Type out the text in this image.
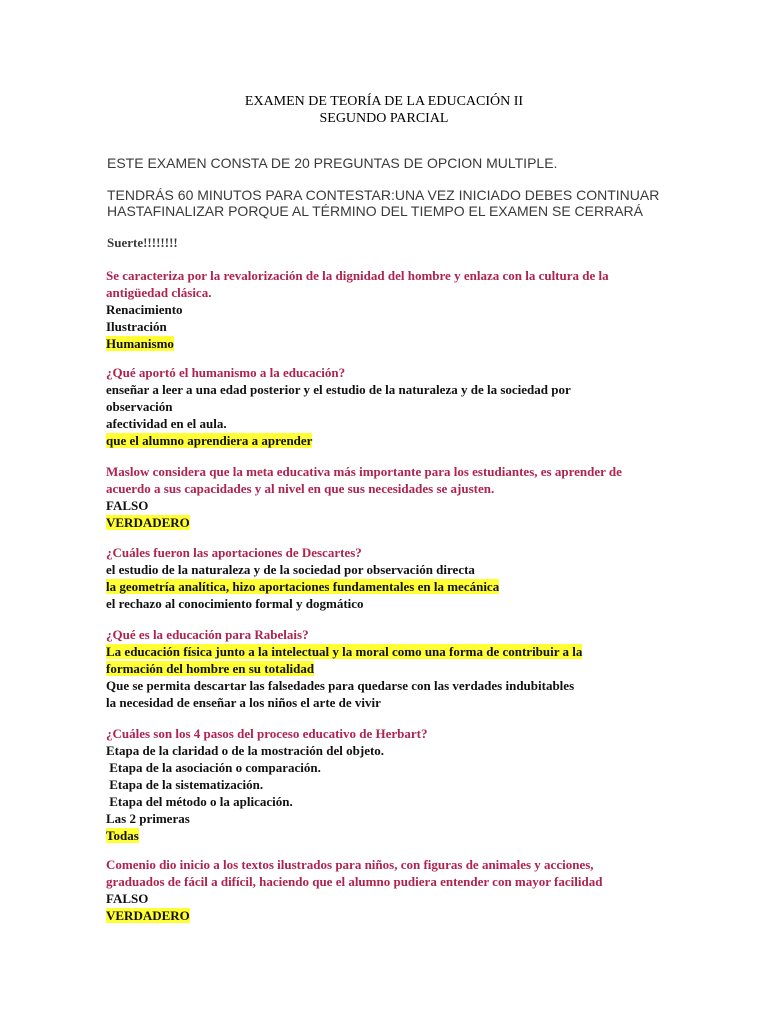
EXAMEN DE TEORÍA DE LA EDUCACIÓN II
SEGUNDO PARCIAL
ESTE EXAMEN CONSTA DE 20 PREGUNTAS DE OPCION MULTIPLE.
TENDRÁS 60 MINUTOS PARA CONTESTAR:UNA VEZ INICIADO DEBES CONTINUAR HASTAFINALIZAR PORQUE AL TÉRMINO DEL TIEMPO EL EXAMEN SE CERRARÁ
Suerte!!!!!!!!
Se caracteriza por la revalorización de la dignidad del hombre y enlaza con la cultura de la antigüedad clásica.
Renacimiento
Ilustración
Humanismo
¿Qué aportó el humanismo a la educación?
enseñar a leer a una edad posterior y el estudio de la naturaleza y de la sociedad por observación
afectividad en el aula.
que el alumno aprendiera a aprender
Maslow considera que la meta educativa más importante para los estudiantes, es aprender de acuerdo a sus capacidades y al nivel en que sus necesidades se ajusten.
FALSO
VERDADERO
¿Cuáles fueron las aportaciones de Descartes?
el estudio de la naturaleza y de la sociedad por observación directa
la geometría analítica, hizo aportaciones fundamentales en la mecánica
el rechazo al conocimiento formal y dogmático
¿Qué es la educación para Rabelais?
La educación física junto a la intelectual y la moral como una forma de contribuir a la formación del hombre en su totalidad
Que se permita descartar las falsedades para quedarse con las verdades indubitables
la necesidad de enseñar a los niños el arte de vivir
¿Cuáles son los 4 pasos del proceso educativo de Herbart?
Etapa de la claridad o de la mostración del objeto.
Etapa de la asociación o comparación.
Etapa de la sistematización.
Etapa del método o la aplicación.
Las 2 primeras
Todas
Comenio dio inicio a los textos ilustrados para niños, con figuras de animales y acciones, graduados de fácil a difícil, haciendo que el alumno pudiera entender con mayor facilidad
FALSO
VERDADERO
